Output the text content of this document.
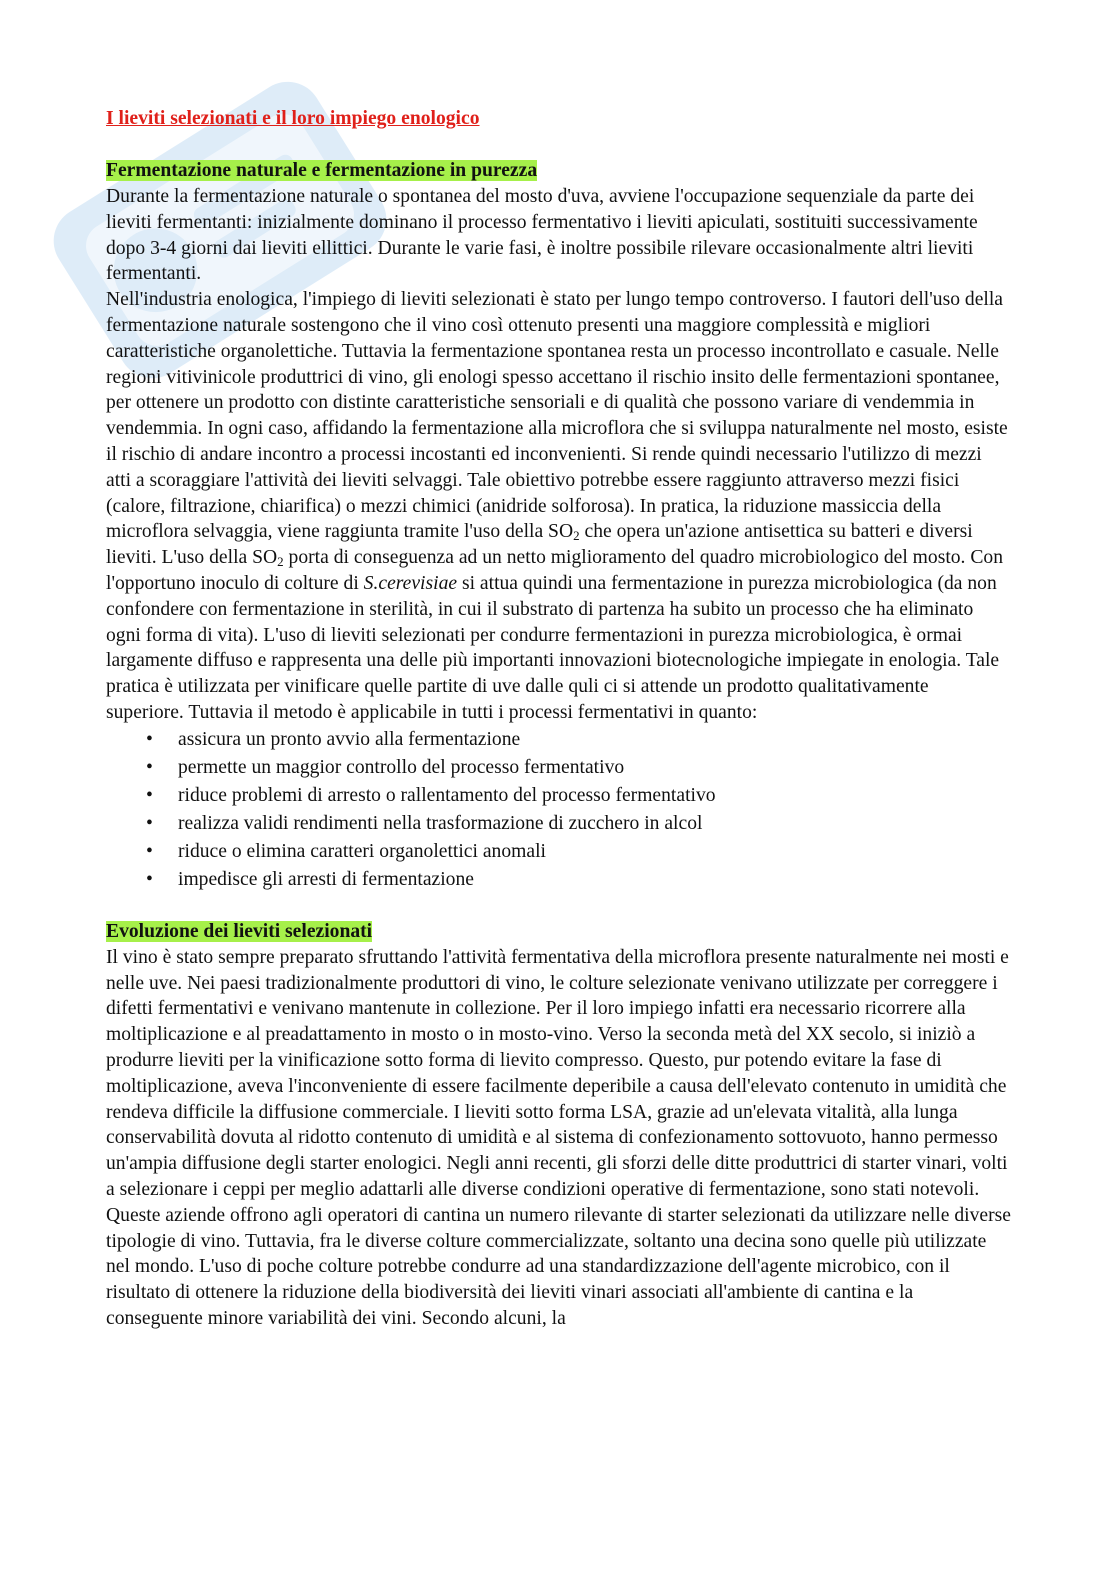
I lieviti selezionati e il loro impiego enologico
Fermentazione naturale e fermentazione in purezza

Durante la fermentazione naturale o spontanea del mosto d'uva, avviene l'occupazione sequenziale da parte dei lieviti fermentanti: inizialmente dominano il processo fermentativo i lieviti apiculati, sostituiti successivamente dopo 3-4 giorni dai lieviti ellittici. Durante le varie fasi, è inoltre possibile rilevare occasionalmente altri lieviti fermentanti.

Nell'industria enologica, l'impiego di lieviti selezionati è stato per lungo tempo controverso. I fautori dell'uso della fermentazione naturale sostengono che il vino così ottenuto presenti una maggiore complessità e migliori caratteristiche organolettiche. Tuttavia la fermentazione spontanea resta un processo incontrollato e casuale. Nelle regioni vitivinicole produttrici di vino, gli enologi spesso accettano il rischio insito delle fermentazioni spontanee, per ottenere un prodotto con distinte caratteristiche sensoriali e di qualità che possono variare di vendemmia in vendemmia. In ogni caso, affidando la fermentazione alla microflora che si sviluppa naturalmente nel mosto, esiste il rischio di andare incontro a processi incostanti ed inconvenienti. Si rende quindi necessario l'utilizzo di mezzi atti a scoraggiare l'attività dei lieviti selvaggi. Tale obiettivo potrebbe essere raggiunto attraverso mezzi fisici (calore, filtrazione, chiarifica) o mezzi chimici (anidride solforosa). In pratica, la riduzione massiccia della microflora selvaggia, viene raggiunta tramite l'uso della $SO_2$ che opera un'azione antisettica su batteri e diversi lieviti. L'uso della $SO_2$ porta di conseguenza ad un netto miglioramento del quadro microbiologico del mosto. Con l'opportuno inoculo di colture di S.cerevisiae si attua quindi una fermentazione in purezza microbiologica (da non confondere con fermentazione in sterilità, in cui il substrato di partenza ha subito un processo che ha eliminato ogni forma di vita). L'uso di lieviti selezionati per condurre fermentazioni in purezza microbiologica, è ormai largamente diffuso e rappresenta una delle più importanti innovazioni biotecnologiche impiegate in enologia. Tale pratica è utilizzata per vinificare quelle partite di uve dalle quli ci si attende un prodotto qualitativamente superiore. Tuttavia il metodo è applicabile in tutti i processi fermentativi in quanto:

• assicura un pronto avvio alla fermentazione
• permette un maggior controllo del processo fermentativo
• riduce problemi di arresto o rallentamento del processo fermentativo
• realizza validi rendimenti nella trasformazione di zucchero in alcol
• riduce o elimina caratteri organolettici anomali
• impedisce gli arresti di fermentazione
Evoluzione dei lieviti selezionati

Il vino è stato sempre preparato sfruttando l'attività fermentativa della microflora presente naturalmente nei mosti e nelle uve. Nei paesi tradizionalmente produttori di vino, le colture selezionate venivano utilizzate per correggere i difetti fermentativi e venivano mantenute in collezione. Per il loro impiego infatti era necessario ricorrere alla moltiplicazione e al preadattamento in mosto o in mosto-vino. Verso la seconda metà del XX secolo, si iniziò a produrre lieviti per la vinificazione sotto forma di lievito compresso. Questo, pur potendo evitare la fase di moltiplicazione, aveva l'inconveniente di essere facilmente deperibile a causa dell'elevato contenuto in umidità che rendeva difficile la diffusione commerciale. I lieviti sotto forma LSA, grazie ad un'elevata vitalità, alla lunga conservabilità dovuta al ridotto contenuto di umidità e al sistema di confezionamento sottovuoto, hanno permesso un'ampia diffusione degli starter enologici. Negli anni recenti, gli sforzi delle ditte produttrici di starter vinari, volti a selezionare i ceppi per meglio adattarli alle diverse condizioni operative di fermentazione, sono stati notevoli. Queste aziende offrono agli operatori di cantina un numero rilevante di starter selezionati da utilizzare nelle diverse tipologie di vino. Tuttavia, fra le diverse colture commercializzate, soltanto una decina sono quelle più utilizzate nel mondo. L'uso di poche colture potrebbe condurre ad una standardizzazione dell'agente microbico, con il risultato di ottenere la riduzione della biodiversità dei lieviti vinari associati all'ambiente di cantina e la conseguente minore variabilità dei vini. Secondo alcuni, la
